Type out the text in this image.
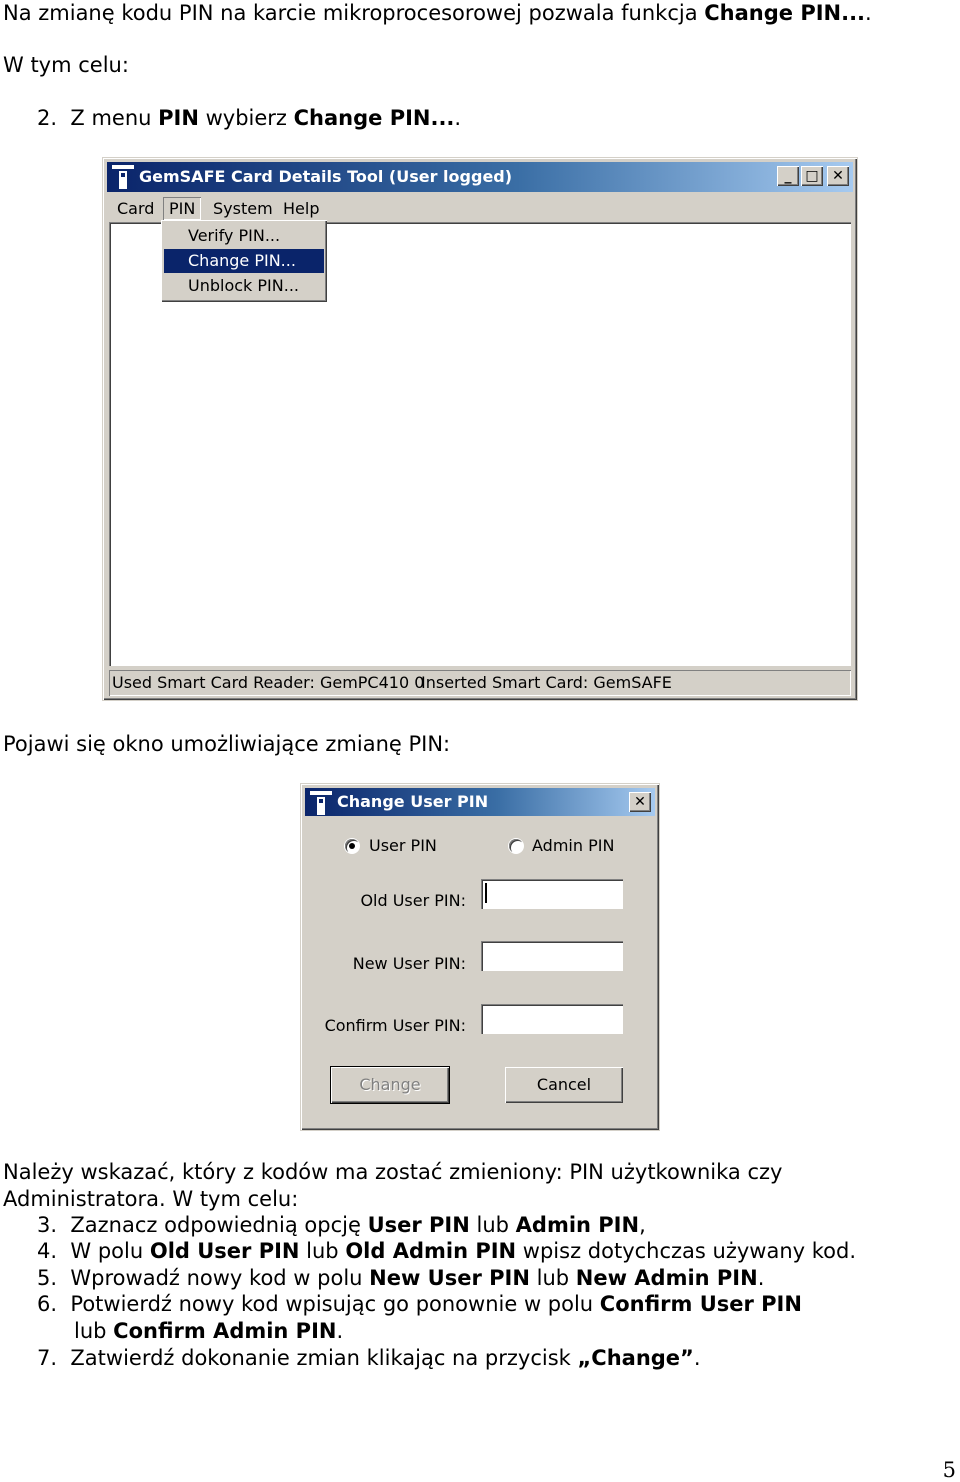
Na zmianę kodu PIN na karcie mikroprocesorowej pozwala funkcja Change PIN....
W tym celu:
2. Z menu PIN wybierz Change PIN....
GemSAFE Card Details Tool (User logged)	_ □ ✕
Card PIN	System Help
Verify PIN...
Change PIN...
Unblock PIN...
Used Smart Card Reader: GemPC410 0
Inserted Smart Card: GemSAFE
Pojawi się okno umożliwiające zmianę PIN:
Change User PIN	✕
User PIN	Admin PIN
Old User PIN:
New User PIN:
Confirm User PIN:
Change	Cancel
Należy wskazać, który z kodów ma zostać zmieniony: PIN użytkownika czy
Administratora. W tym celu:
3. Zaznacz odpowiednią opcję User PIN lub Admin PIN,
4. W polu Old User PIN lub Old Admin PIN wpisz dotychczas używany kod.
5. Wprowadź nowy kod w polu New User PIN lub New Admin PIN.
6. Potwierdź nowy kod wpisując go ponownie w polu Confirm User PIN
lub Confirm Admin PIN.
7. Zatwierdź dokonanie zmian klikając na przycisk „Change”.
5
